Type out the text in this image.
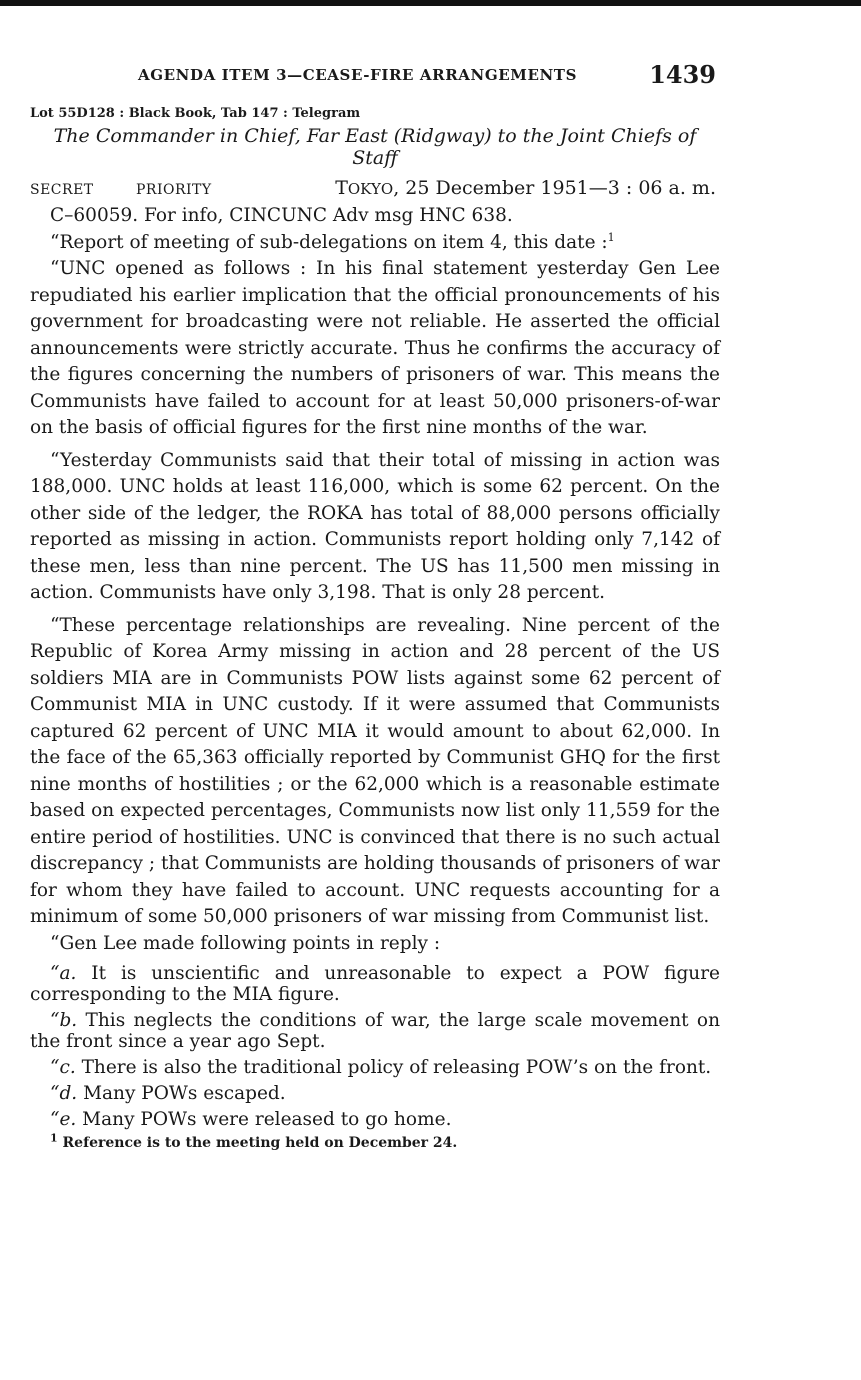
AGENDA ITEM 3—CEASE-FIRE ARRANGEMENTS	1439
Lot 55D128 : Black Book, Tab 147 : Telegram
The Commander in Chief, Far East (Ridgway) to the Joint Chiefs of Staff
SECRET	PRIORITY	TOKYO, 25 December 1951—3 : 06 a. m.

C–60059. For info, CINCUNC Adv msg HNC 638.

“Report of meeting of sub-delegations on item 4, this date :$^1$

“UNC opened as follows : In his final statement yesterday Gen Lee repudiated his earlier implication that the official pronouncements of his government for broadcasting were not reliable. He asserted the official announcements were strictly accurate. Thus he confirms the accuracy of the figures concerning the numbers of prisoners of war. This means the Communists have failed to account for at least 50,000 prisoners-of-war on the basis of official figures for the first nine months of the war.

“Yesterday Communists said that their total of missing in action was 188,000. UNC holds at least 116,000, which is some 62 percent. On the other side of the ledger, the ROKA has total of 88,000 persons officially reported as missing in action. Communists report holding only 7,142 of these men, less than nine percent. The US has 11,500 men missing in action. Communists have only 3,198. That is only 28 percent.

“These percentage relationships are revealing. Nine percent of the Republic of Korea Army missing in action and 28 percent of the US soldiers MIA are in Communists POW lists against some 62 percent of Communist MIA in UNC custody. If it were assumed that Communists captured 62 percent of UNC MIA it would amount to about 62,000. In the face of the 65,363 officially reported by Communist GHQ for the first nine months of hostilities ; or the 62,000 which is a reasonable estimate based on expected percentages, Communists now list only 11,559 for the entire period of hostilities. UNC is convinced that there is no such actual discrepancy ; that Communists are holding thousands of prisoners of war for whom they have failed to account. UNC requests accounting for a minimum of some 50,000 prisoners of war missing from Communist list.

“Gen Lee made following points in reply :

“a. It is unscientific and unreasonable to expect a POW figure corresponding to the MIA figure.

“b. This neglects the conditions of war, the large scale movement on the front since a year ago Sept.

“c. There is also the traditional policy of releasing POW’s on the front.

“d. Many POWs escaped.

“e. Many POWs were released to go home.

$^1$ Reference is to the meeting held on December 24.
